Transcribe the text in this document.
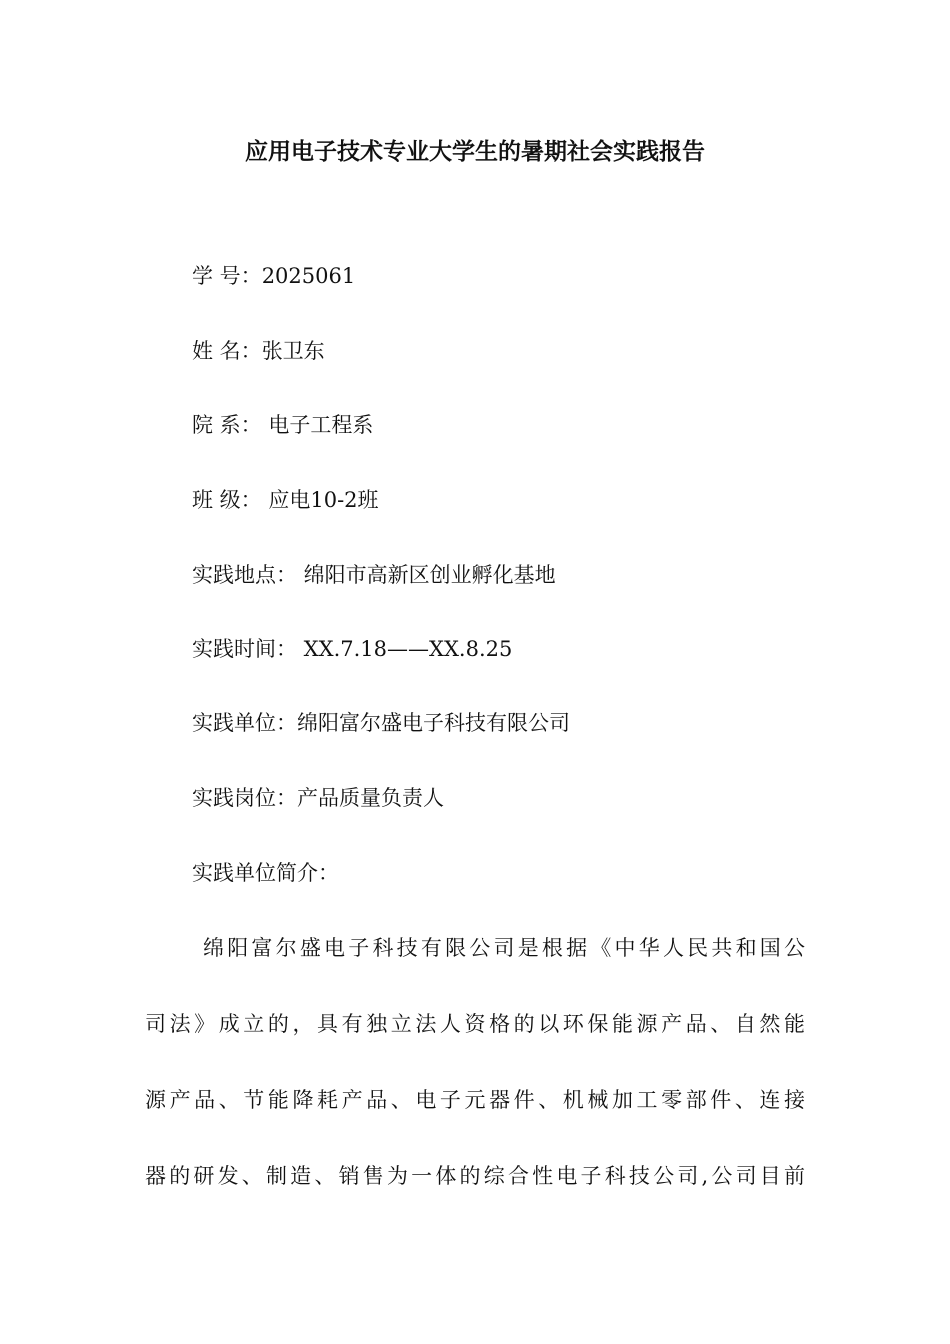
应用电子技术专业大学生的暑期社会实践报告
学 号：2025061
姓 名：张卫东
院 系： 电子工程系
班 级： 应电10-2班
实践地点： 绵阳市高新区创业孵化基地
实践时间： XX.7.18——XX.8.25
实践单位：绵阳富尔盛电子科技有限公司
实践岗位：产品质量负责人
实践单位简介：
绵阳富尔盛电子科技有限公司是根据《中华人民共和国公
司法》成立的，具有独立法人资格的以环保能源产品、自然能
源产品、节能降耗产品、电子元器件、机械加工零部件、连接
器的研发、制造、销售为一体的综合性电子科技公司,公司目前
